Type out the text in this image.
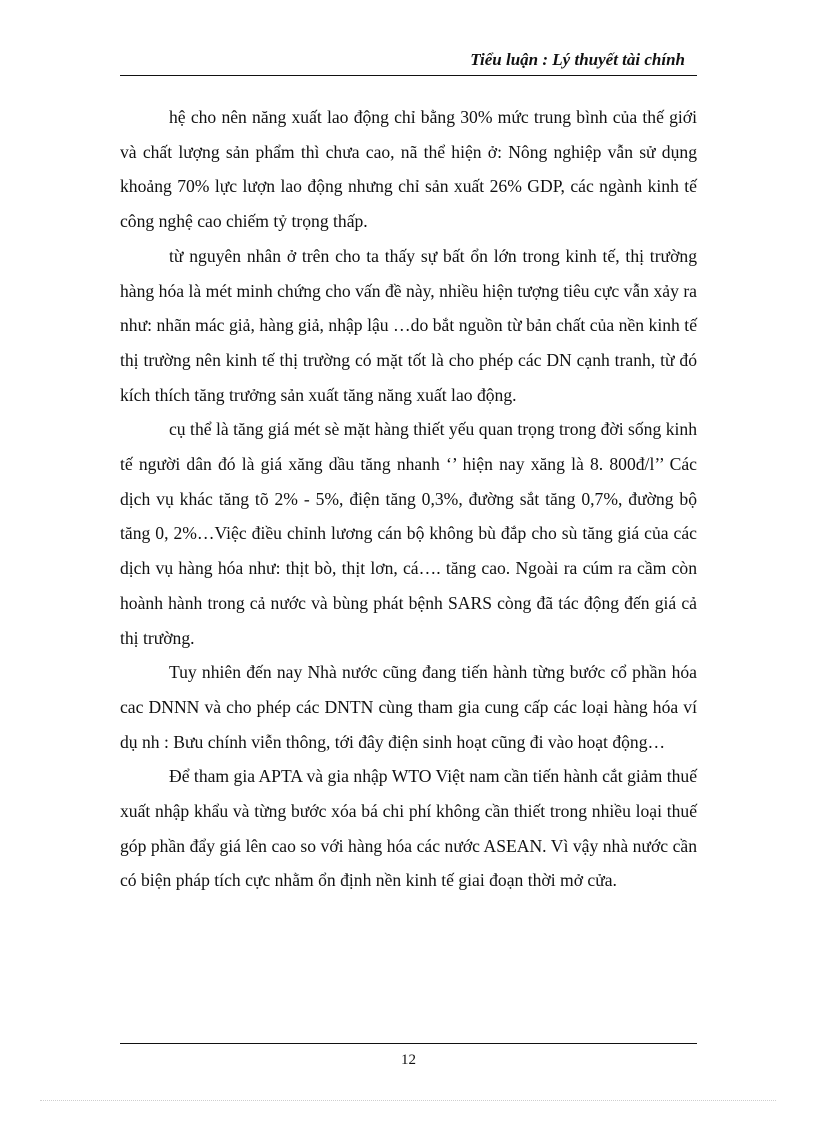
Tiểu luận : Lý thuyết tài chính

hệ cho nên năng xuất lao động chỉ bằng 30% mức trung bình của thế giới và chất lượng sản phẩm thì chưa cao, nã thể hiện ở: Nông nghiệp vẫn sử dụng khoảng 70% lực lượn lao động nhưng chỉ sản xuất 26% GDP, các ngành kinh tế công nghệ cao chiếm tỷ trọng thấp.

từ nguyên nhân ở trên cho ta thấy sự bất ổn lớn trong kinh tế, thị trường hàng hóa là mét minh chứng cho vấn đề này, nhiều hiện tượng tiêu cực vẫn xảy ra như: nhãn mác giả, hàng giả, nhập lậu …do bắt nguồn từ bản chất của nền kinh tế thị trường nên kinh tế thị trường có mặt tốt là cho phép các DN cạnh tranh, từ đó kích thích tăng trưởng sản xuất tăng năng xuất lao động.

cụ thể là tăng giá mét sè mặt hàng thiết yếu quan trọng trong đời sống kinh tế người dân đó là giá xăng dầu tăng nhanh ‘’ hiện nay xăng là 8. 800đ/l’’ Các dịch vụ khác tăng tõ 2% - 5%, điện tăng 0,3%, đường sắt tăng 0,7%, đường bộ tăng 0, 2%…Việc điều chỉnh lương cán bộ không bù đắp cho sù tăng giá của các dịch vụ hàng hóa như: thịt bò, thịt lơn, cá…. tăng cao. Ngoài ra cúm ra cầm còn hoành hành trong cả nước và bùng phát bệnh SARS còng đã tác động đến giá cả thị trường.

Tuy nhiên đến nay Nhà nước cũng đang tiến hành từng bước cổ phần hóa cac DNNN và cho phép các DNTN cùng tham gia cung cấp các loại hàng hóa ví dụ nh : Bưu chính viễn thông, tới đây điện sinh hoạt cũng đi vào hoạt động…

Để tham gia APTA và gia nhập WTO Việt nam cần tiến hành cắt giảm thuế xuất nhập khẩu và từng bước xóa bá chi phí không cần thiết trong nhiều loại thuế góp phần đẩy giá lên cao so với hàng hóa các nước ASEAN. Vì vậy nhà nước cần có biện pháp tích cực nhằm ổn định nền kinh tế giai đoạn thời mở cửa.

12
